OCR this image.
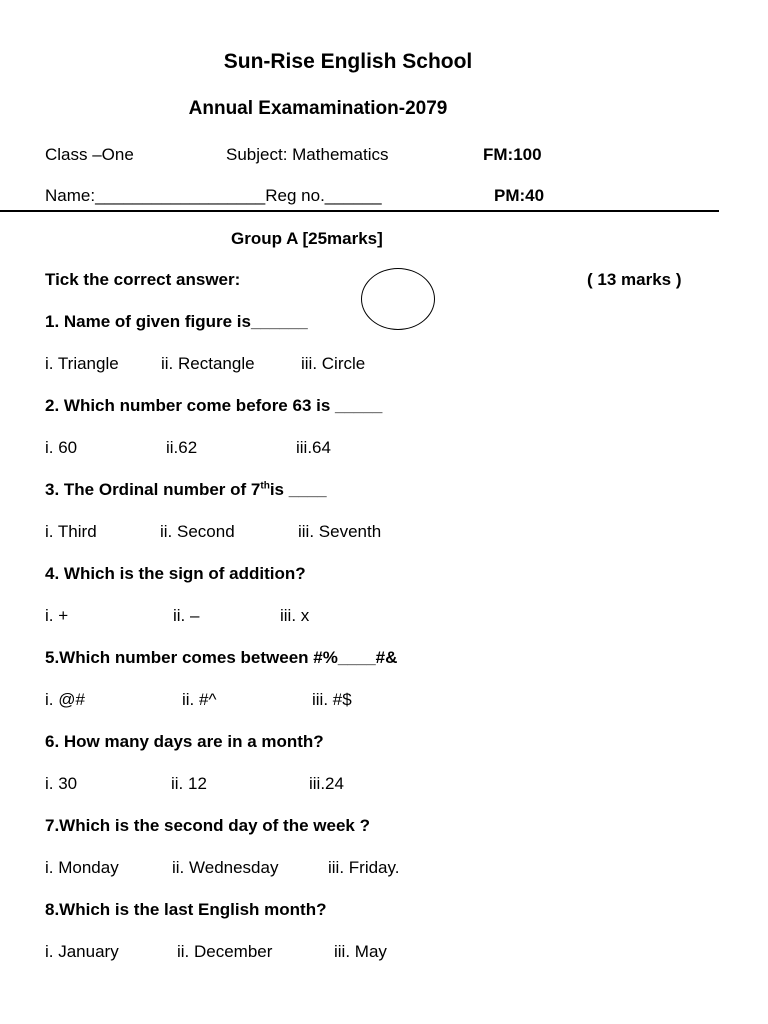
Sun-Rise English School
Annual Examamination-2079
Class –One	Subject: Mathematics	FM:100
Name:__________________Reg no.______	PM:40
Group A [25marks]
Tick the correct answer:	( 13 marks )
1. Name of given figure is______
i. Triangle ii. Rectangle	iii. Circle
2. Which number come before 63 is _____
i. 60	ii.62	iii.64
3. The Ordinal number of 7this ____
i. Third	ii. Second	iii. Seventh
4. Which is the sign of addition?
i. +	ii. –	iii. x
5.Which number comes between #%____#&
i. @#	ii. #^	iii. #$
6. How many days are in a month?
i. 30	ii. 12	iii.24
7.Which is the second day of the week ?
i. Monday	ii. Wednesday	iii. Friday.
8.Which is the last English month?
i. January	ii. December	iii. May
